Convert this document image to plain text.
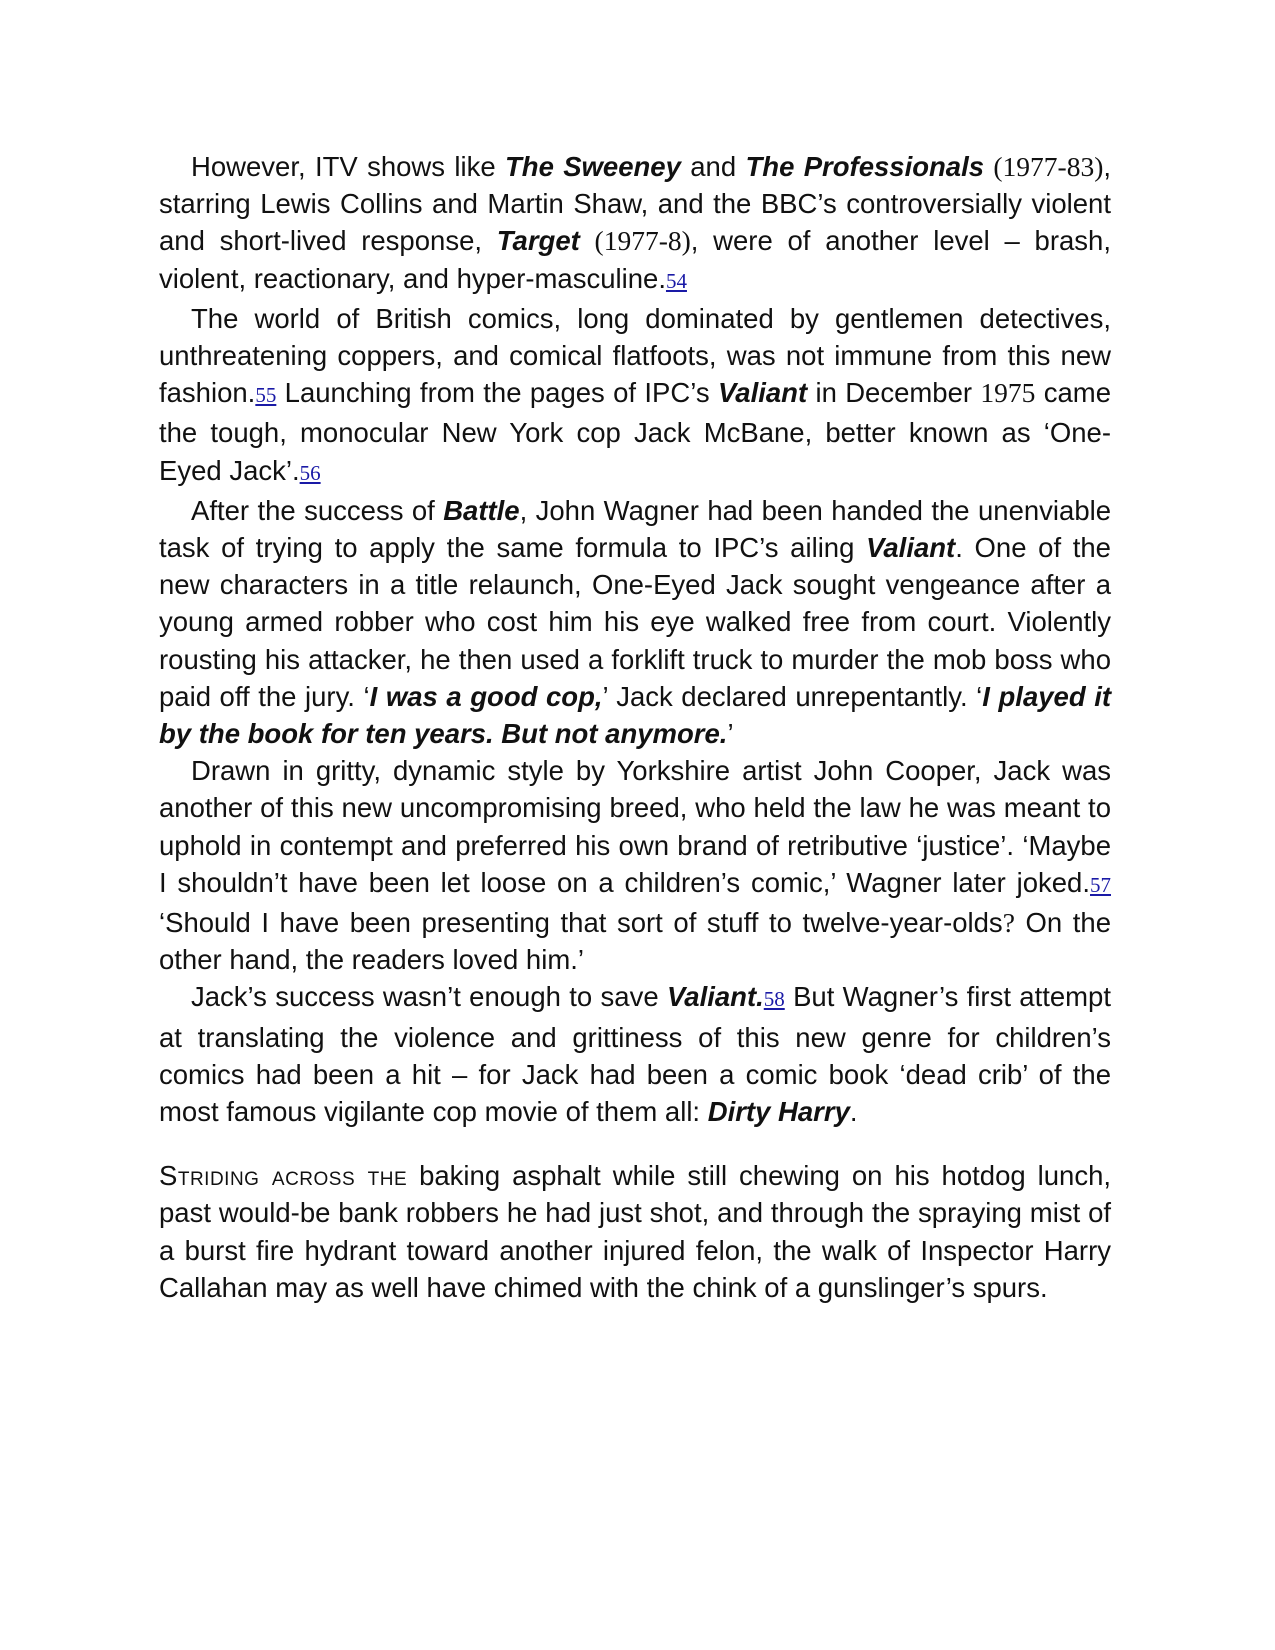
However, ITV shows like The Sweeney and The Professionals (1977-83), starring Lewis Collins and Martin Shaw, and the BBC’s controversially violent and short-lived response, Target (1977-8), were of another level – brash, violent, reactionary, and hyper-masculine.54

The world of British comics, long dominated by gentlemen detectives, unthreatening coppers, and comical flatfoots, was not immune from this new fashion.55 Launching from the pages of IPC’s Valiant in December 1975 came the tough, monocular New York cop Jack McBane, better known as ‘One-Eyed Jack’.56

After the success of Battle, John Wagner had been handed the unenviable task of trying to apply the same formula to IPC’s ailing Valiant. One of the new characters in a title relaunch, One-Eyed Jack sought vengeance after a young armed robber who cost him his eye walked free from court. Violently rousting his attacker, he then used a forklift truck to murder the mob boss who paid off the jury. ‘I was a good cop,’ Jack declared unrepentantly. ‘I played it by the book for ten years. But not anymore.’

Drawn in gritty, dynamic style by Yorkshire artist John Cooper, Jack was another of this new uncompromising breed, who held the law he was meant to uphold in contempt and preferred his own brand of retributive ‘justice’. ‘Maybe I shouldn’t have been let loose on a children’s comic,’ Wagner later joked.57 ‘Should I have been presenting that sort of stuff to twelve-year-olds? On the other hand, the readers loved him.’

Jack’s success wasn’t enough to save Valiant.58 But Wagner’s first attempt at translating the violence and grittiness of this new genre for children’s comics had been a hit – for Jack had been a comic book ‘dead crib’ of the most famous vigilante cop movie of them all: Dirty Harry.

Striding across the baking asphalt while still chewing on his hotdog lunch, past would-be bank robbers he had just shot, and through the spraying mist of a burst fire hydrant toward another injured felon, the walk of Inspector Harry Callahan may as well have chimed with the chink of a gunslinger’s spurs.
